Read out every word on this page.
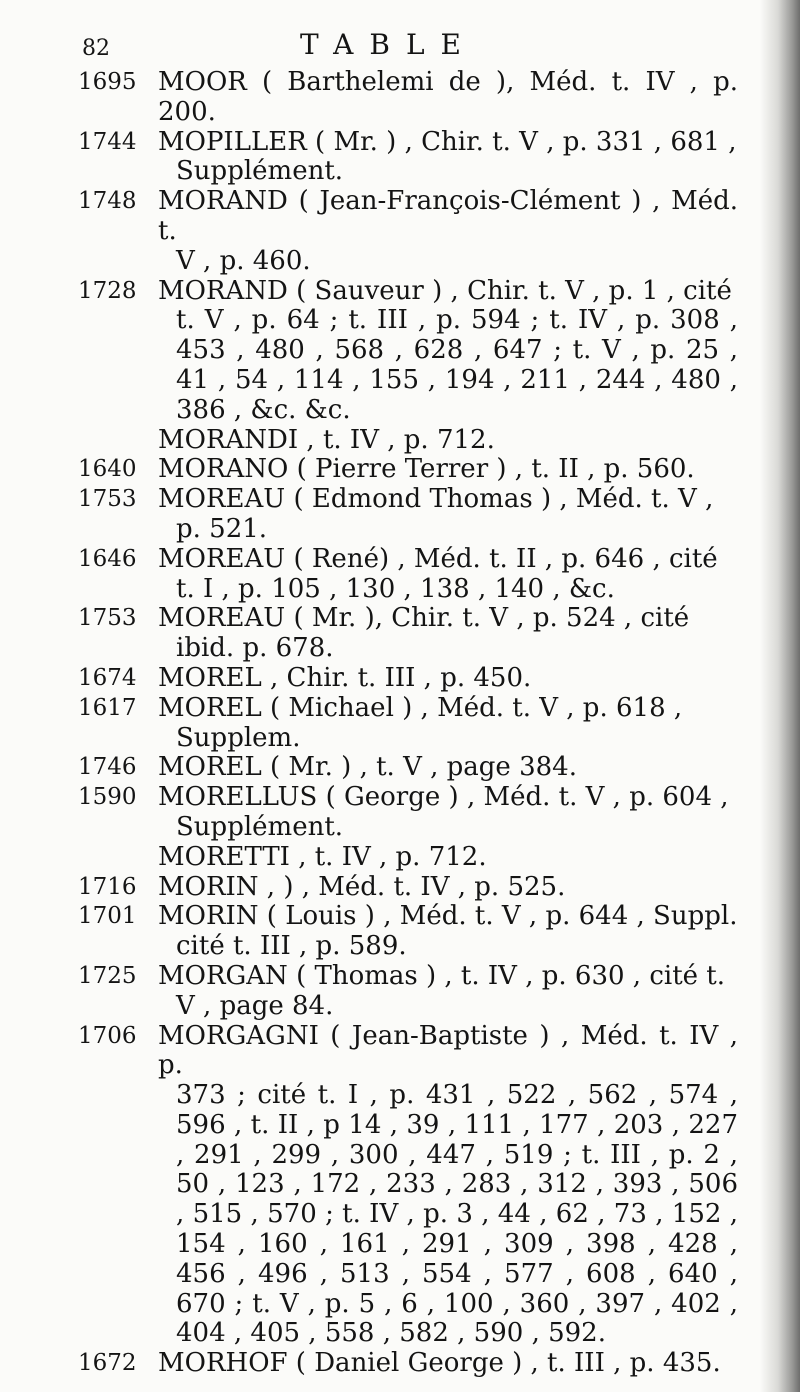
82	TABLE
1695 MOOR ( Barthelemi de ), Méd. t. IV , p. 200.
1744 MOPILLER ( Mr. ) , Chir. t. V , p. 331 , 681 ,
Supplément.
1748 MORAND ( Jean-François-Clément ) , Méd. t.
V , p. 460.
1728 MORAND ( Sauveur ) , Chir. t. V , p. 1 , cité
t. V , p. 64 ; t. III , p. 594 ; t. IV , p. 308 , 453 , 480 , 568 , 628 , 647 ; t. V , p. 25 , 41 , 54 , 114 , 155 , 194 , 211 , 244 , 480 , 386 , &c. &c.
MORANDI , t. IV , p. 712.
1640 MORANO ( Pierre Terrer ) , t. II , p. 560.
1753 MOREAU ( Edmond Thomas ) , Méd. t. V ,
p. 521.
1646 MOREAU ( René) , Méd. t. II , p. 646 , cité
t. I , p. 105 , 130 , 138 , 140 , &c.
1753 MOREAU ( Mr. ), Chir. t. V , p. 524 , cité
ibid. p. 678.
1674 MOREL , Chir. t. III , p. 450.
1617 MOREL ( Michael ) , Méd. t. V , p. 618 ,
Supplem.
1746 MOREL ( Mr. ) , t. V , page 384.
1590 MORELLUS ( George ) , Méd. t. V , p. 604 ,
Supplément.
MORETTI , t. IV , p. 712.
1716 MORIN , ) , Méd. t. IV , p. 525.
1701 MORIN ( Louis ) , Méd. t. V , p. 644 , Suppl.
cité t. III , p. 589.
1725 MORGAN ( Thomas ) , t. IV , p. 630 , cité t.
V , page 84.
1706 MORGAGNI ( Jean-Baptiste ) , Méd. t. IV , p.
373 ; cité t. I , p. 431 , 522 , 562 , 574 , 596 , t. II , p 14 , 39 , 111 , 177 , 203 , 227 , 291 , 299 , 300 , 447 , 519 ; t. III , p. 2 , 50 , 123 , 172 , 233 , 283 , 312 , 393 , 506 , 515 , 570 ; t. IV , p. 3 , 44 , 62 , 73 , 152 , 154 , 160 , 161 , 291 , 309 , 398 , 428 , 456 , 496 , 513 , 554 , 577 , 608 , 640 , 670 ; t. V , p. 5 , 6 , 100 , 360 , 397 , 402 , 404 , 405 , 558 , 582 , 590 , 592.
1672 MORHOF ( Daniel George ) , t. III , p. 435.
